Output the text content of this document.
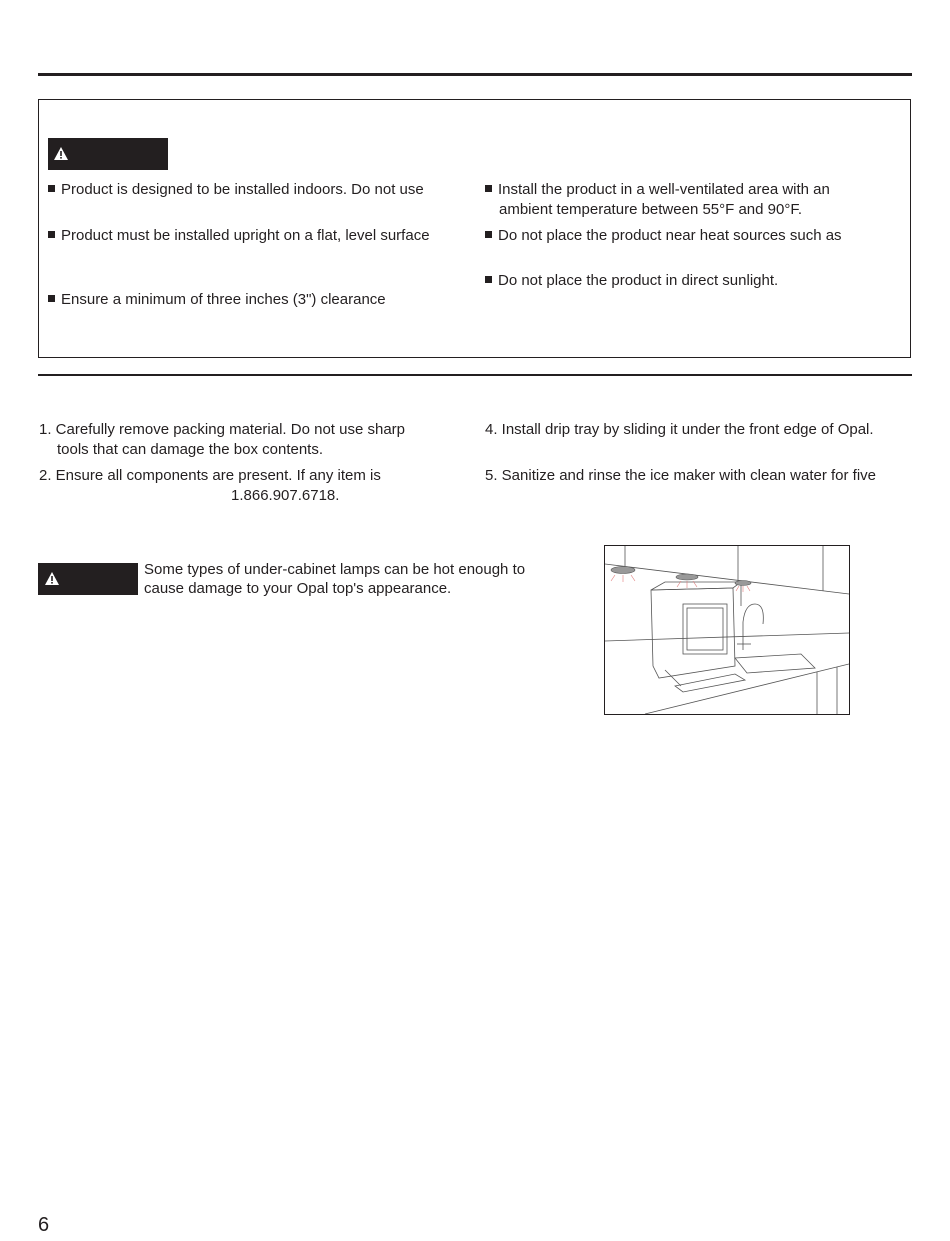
Product is designed to be installed indoors. Do not use
Product must be installed upright on a flat, level surface
Ensure a minimum of three inches (3") clearance
Install the product in a well-ventilated area with an
ambient temperature between 55°F and 90°F.
Do not place the product near heat sources such as
Do not place the product in direct sunlight.
1. Carefully remove packing material. Do not use sharp
tools that can damage the box contents.
2. Ensure all components are present. If any item is
1.866.907.6718.
4. Install drip tray by sliding it under the front edge of Opal.
5. Sanitize and rinse the ice maker with clean water for five
Some types of under-cabinet lamps can be hot enough to
cause damage to your Opal top's appearance.
6
